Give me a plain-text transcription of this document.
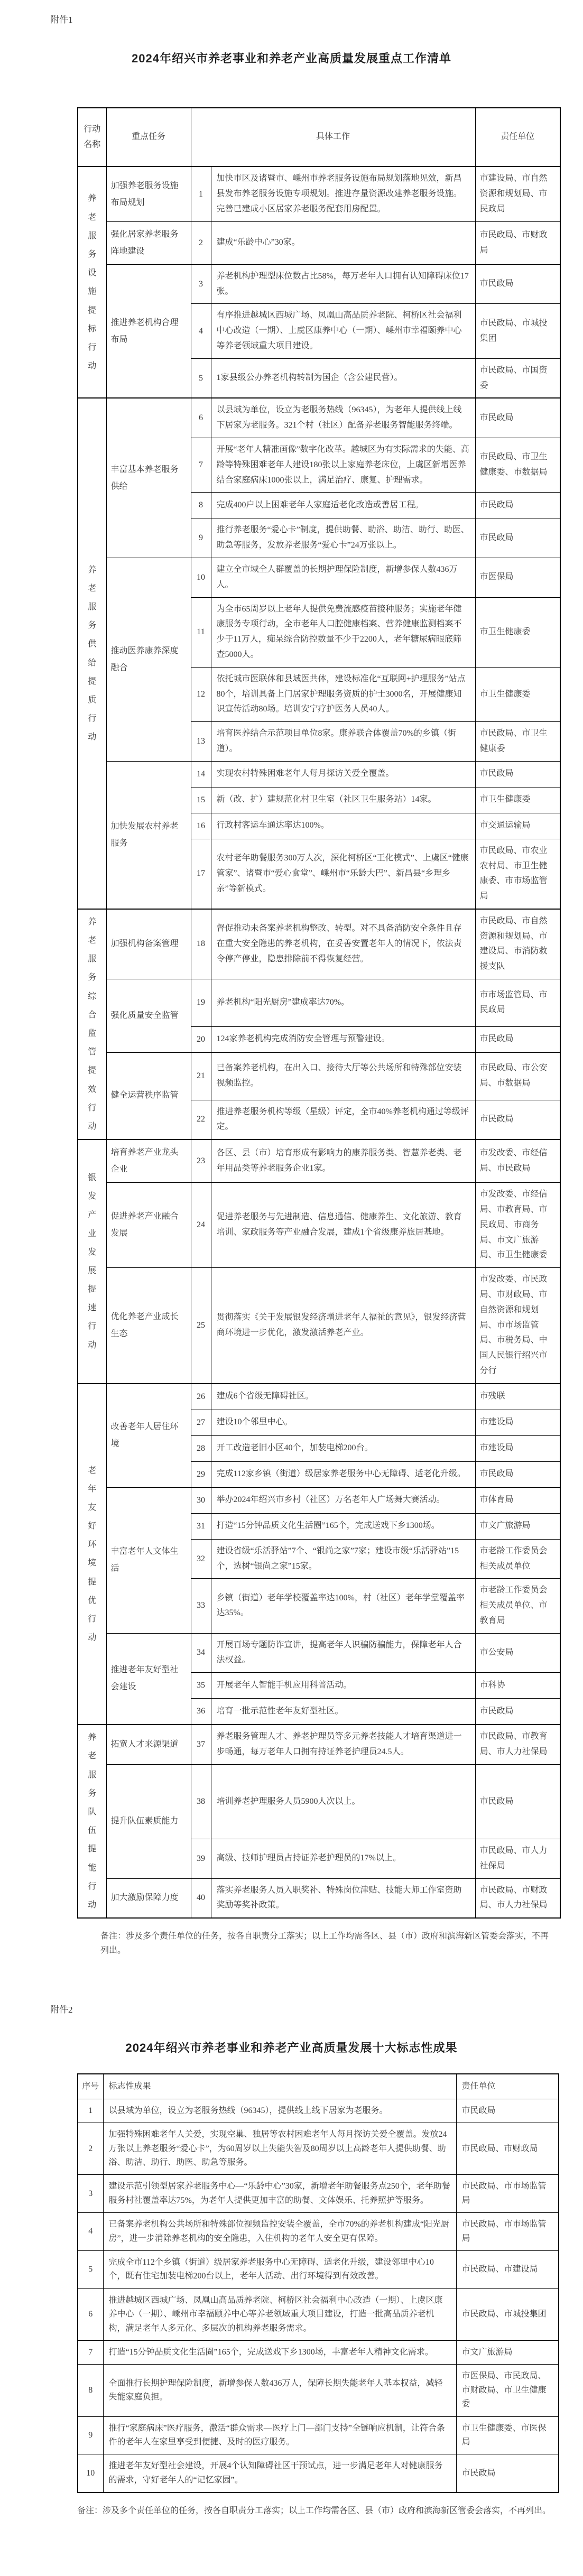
附件1
2024年绍兴市养老事业和养老产业高质量发展重点工作清单
行动名称	重点任务	具体工作		责任单位
养老服务设施提标行动	加强养老服务设施布局规划	1	加快市区及诸暨市、嵊州市养老服务设施布局规划落地见效，新昌县发布养老服务设施专项规划。推进存量资源改建养老服务设施。完善已建成小区居家养老服务配套用房配置。	市建设局、市自然资源和规划局、市民政局
	强化居家养老服务阵地建设	2	建成“乐龄中心”30家。	市民政局、市财政局
	推进养老机构合理布局	3	养老机构护理型床位数占比58%，每万老年人口拥有认知障碍床位17张。	市民政局
		4	有序推进越城区西城广场、凤凰山高品质养老院、柯桥区社会福利中心改造（一期）、上虞区康养中心（一期）、嵊州市幸福颐养中心等养老领域重大项目建设。	市民政局、市城投集团
		5	1家县级公办养老机构转制为国企（含公建民营）。	市民政局、市国资委
养老服务供给提质行动	丰富基本养老服务供给	6	以县域为单位，设立为老服务热线（96345），为老年人提供线上线下居家为老服务。321个村（社区）配备养老服务智能服务终端。	市民政局
		7	开展“老年人精准画像”数字化改革。越城区为有实际需求的失能、高龄等特殊困难老年人建设180张以上家庭养老床位，上虞区新增医养结合家庭病床1000张以上，满足治疗、康复、护理需求。	市民政局、市卫生健康委、市数据局
		8	完成400户以上困难老年人家庭适老化改造或善居工程。	市民政局
		9	推行养老服务“爱心卡”制度，提供助餐、助浴、助洁、助行、助医、助急等服务，发放养老服务“爱心卡”24万张以上。	市民政局
	推动医养康养深度融合	10	建立全市域全人群覆盖的长期护理保险制度，新增参保人数436万人。	市医保局
		11	为全市65周岁以上老年人提供免费流感疫苗接种服务；实施老年健康服务专项行动，全市老年人口腔健康档案、营养健康监测档案不少于11万人，痴呆综合防控数量不少于2200人，老年糖尿病眼底筛查5000人。	市卫生健康委
		12	依托城市医联体和县域医共体，建设标准化“互联网+护理服务”站点80个，培训具备上门居家护理服务资质的护士3000名，开展健康知识宣传活动80场。培训安宁疗护医务人员40人。	市卫生健康委
		13	培育医养结合示范项目单位8家。康养联合体覆盖70%的乡镇（街道）。	市民政局、市卫生健康委
	加快发展农村养老服务	14	实现农村特殊困难老年人每月探访关爱全覆盖。	市民政局
		15	新（改、扩）建规范化村卫生室（社区卫生服务站）14家。	市卫生健康委
		16	行政村客运车通达率达100%。	市交通运输局
		17	农村老年助餐服务300万人次，深化柯桥区“王化模式”、上虞区“健康管家”、诸暨市“爱心食堂”、嵊州市“乐龄大巴”、新昌县“乡理乡亲”等新模式。	市民政局、市农业农村局、市卫生健康委、市市场监管局
养老服务综合监管提效行动	加强机构备案管理	18	督促推动未备案养老机构整改、转型。对不具备消防安全条件且存在重大安全隐患的养老机构，在妥善安置老年人的情况下，依法责令停产停业，隐患排除前不得恢复经营。	市民政局、市自然资源和规划局、市建设局、市消防救援支队
	强化质量安全监管	19	养老机构“阳光厨房”建成率达70%。	市市场监管局、市民政局
		20	124家养老机构完成消防安全管理与预警建设。	市民政局
	健全运营秩序监管	21	已备案养老机构，在出入口、接待大厅等公共场所和特殊部位安装视频监控。	市民政局、市公安局、市数据局
		22	推进养老服务机构等级（星级）评定，全市40%养老机构通过等级评定。	市民政局
银发产业发展提速行动	培育养老产业龙头企业	23	各区、县（市）培育形成有影响力的康养服务类、智慧养老类、老年用品类等养老服务企业1家。	市发改委、市经信局、市民政局
	促进养老产业融合发展	24	促进养老服务与先进制造、信息通信、健康养生、文化旅游、教育培训、家政服务等产业融合发展，建成1个省级康养旅居基地。	市发改委、市经信局、市教育局、市民政局、市商务局、市文广旅游局、市卫生健康委
	优化养老产业成长生态	25	贯彻落实《关于发展银发经济增进老年人福祉的意见》，银发经济营商环境进一步优化，激发激活养老产业。	市发改委、市民政局、市财政局、市自然资源和规划局、市市场监管局、市税务局、中国人民银行绍兴市分行
老年友好环境提优行动	改善老年人居住环境	26	建成6个省级无障碍社区。	市残联
		27	建设10个邻里中心。	市建设局
		28	开工改造老旧小区40个，加装电梯200台。	市建设局
		29	完成112家乡镇（街道）级居家养老服务中心无障碍、适老化升级。	市民政局
	丰富老年人文体生活	30	举办2024年绍兴市乡村（社区）万名老年人广场舞大赛活动。	市体育局
		31	打造“15分钟品质文化生活圈”165个，完成送戏下乡1300场。	市文广旅游局
		32	建设省级“乐活驿站”7个、“银尚之家”7家；建设市级“乐活驿站”15个，选树“银尚之家”15家。	市老龄工作委员会相关成员单位
		33	乡镇（街道）老年学校覆盖率达100%，村（社区）老年学堂覆盖率达35%。	市老龄工作委员会相关成员单位、市教育局
	推进老年友好型社会建设	34	开展百场专题防诈宣讲，提高老年人识骗防骗能力，保障老年人合法权益。	市公安局
		35	开展老年人智能手机应用科普活动。	市科协
		36	培育一批示范性老年友好型社区。	市民政局
养老服务队伍提能行动	拓宽人才来源渠道	37	养老服务管理人才、养老护理员等多元养老技能人才培育渠道进一步畅通，每万老年人口拥有持证养老护理员24.5人。	市民政局、市教育局、市人力社保局
	提升队伍素质能力	38	培训养老护理服务人员5900人次以上。	市民政局
		39	高级、技师护理员占持证养老护理员的17%以上。	市民政局、市人力社保局
	加大激励保障力度	40	落实养老服务人员入职奖补、特殊岗位津贴、技能大师工作室资助奖励等奖补政策。	市民政局、市财政局、市人力社保局

备注：涉及多个责任单位的任务，按各自职责分工落实；以上工作均需各区、县（市）政府和滨海新区管委会落实，不再列出。

附件2
2024年绍兴市养老事业和养老产业高质量发展十大标志性成果
序号	标志性成果	责任单位
1	以县域为单位，设立为老服务热线（96345），提供线上线下居家为老服务。	市民政局
2	加强特殊困难老年人关爱，实现空巢、独居等农村困难老年人每月探访关爱全覆盖。发放24万张以上养老服务“爱心卡”，为60周岁以上失能失智及80周岁以上高龄老年人提供助餐、助浴、助洁、助行、助医、助急等服务。	市民政局、市财政局
3	建设示范引领型居家养老服务中心—“乐龄中心”30家，新增老年助餐服务点250个，老年助餐服务村社覆盖率达75%，为老年人提供更加丰富的助餐、文体娱乐、托养照护等服务。	市民政局、市市场监管局
4	已备案养老机构公共场所和特殊部位视频监控安装全覆盖，全市70%的养老机构建成“阳光厨房”，进一步消除养老机构的安全隐患，入住机构的老年人安全更有保障。	市民政局、市市场监管局
5	完成全市112个乡镇（街道）级居家养老服务中心无障碍、适老化升级，建设邻里中心10个，既有住宅加装电梯200台以上，老年人活动、出行环境得到有效改善。	市民政局、市建设局
6	推进越城区西城广场、凤凰山高品质养老院、柯桥区社会福利中心改造（一期）、上虞区康养中心（一期）、嵊州市幸福颐养中心等养老领域重大项目建设，打造一批高品质养老机构，满足老年人多元化、多层次的机构养老服务需求。	市民政局、市城投集团
7	打造“15分钟品质文化生活圈”165个，完成送戏下乡1300场，丰富老年人精神文化需求。	市文广旅游局
8	全面推行长期护理保险制度，新增参保人数436万人，保障长期失能老年人基本权益，减轻失能家庭负担。	市医保局、市民政局、市财政局、市卫生健康委
9	推行“家庭病床”医疗服务，激活“群众需求—医疗上门—部门支持”全链响应机制，让符合条件的老年人在家里享受到便捷、及时的医疗服务。	市卫生健康委、市医保局
10	推进老年友好型社会建设，开展4个认知障碍社区干预试点，进一步满足老年人对健康服务的需求，守好老年人的“记忆家园”。	市民政局

备注：涉及多个责任单位的任务，按各自职责分工落实；以上工作均需各区、县（市）政府和滨海新区管委会落实，不再列出。
